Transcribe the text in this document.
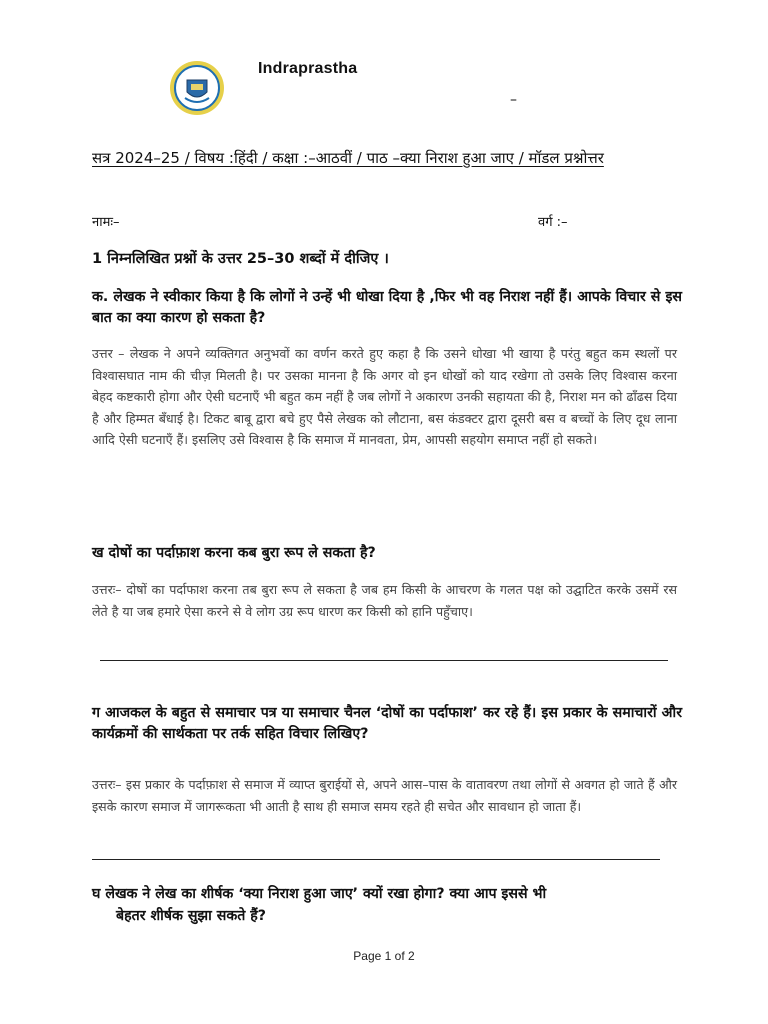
Indraprastha
–
सत्र 2024–25 / विषय :हिंदी / कक्षा :–आठवीं / पाठ –क्या निराश हुआ जाए / मॉडल प्रश्नोत्तर
नामः–	वर्ग :–
1 निम्नलिखित प्रश्नों के उत्तर 25–30 शब्दों में दीजिए ।
क. लेखक ने स्वीकार किया है कि लोगों ने उन्हें भी धोखा दिया है ,फिर भी वह निराश नहीं हैं। आपके विचार से इस बात का क्या कारण हो सकता है?
उत्तर – लेखक ने अपने व्यक्तिगत अनुभवों का वर्णन करते हुए कहा है कि उसने धोखा भी खाया है परंतु बहुत कम स्थलों पर विश्वासघात नाम की चीज़ मिलती है। पर उसका मानना है कि अगर वो इन धोखों को याद रखेगा तो उसके लिए विश्वास करना बेहद कष्टकारी होगा और ऐसी घटनाएँ भी बहुत कम नहीं है जब लोगों ने अकारण उनकी सहायता की है, निराश मन को ढाँढस दिया है और हिम्मत बँधाई है। टिकट बाबू द्वारा बचे हुए पैसे लेखक को लौटाना, बस कंडक्टर द्वारा दूसरी बस व बच्चों के लिए दूध लाना आदि ऐसी घटनाएँ हैं। इसलिए उसे विश्वास है कि समाज में मानवता, प्रेम, आपसी सहयोग समाप्त नहीं हो सकते।
ख दोषों का पर्दाफ़ाश करना कब बुरा रूप ले सकता है?
उत्तरः– दोषों का पर्दाफाश करना तब बुरा रूप ले सकता है जब हम किसी के आचरण के गलत पक्ष को उद्घाटित करके उसमें रस लेते है या जब हमारे ऐसा करने से वे लोग उग्र रूप धारण कर किसी को हानि पहुँचाए।
ग आजकल के बहुत से समाचार पत्र या समाचार चैनल ‘दोषों का पर्दाफाश’ कर रहे हैं। इस प्रकार के समाचारों और कार्यक्रमों की सार्थकता पर तर्क सहित विचार लिखिए?
उत्तरः– इस प्रकार के पर्दाफ़ाश से समाज में व्याप्त बुराईयों से, अपने आस–पास के वातावरण तथा लोगों से अवगत हो जाते हैं और इसके कारण समाज में जागरूकता भी आती है साथ ही समाज समय रहते ही सचेत और सावधान हो जाता हैं।
घ लेखक ने लेख का शीर्षक ‘क्या निराश हुआ जाए’ क्यों रखा होगा? क्या आप इससे भी
बेहतर शीर्षक सुझा सकते हैं?
Page 1 of 2
